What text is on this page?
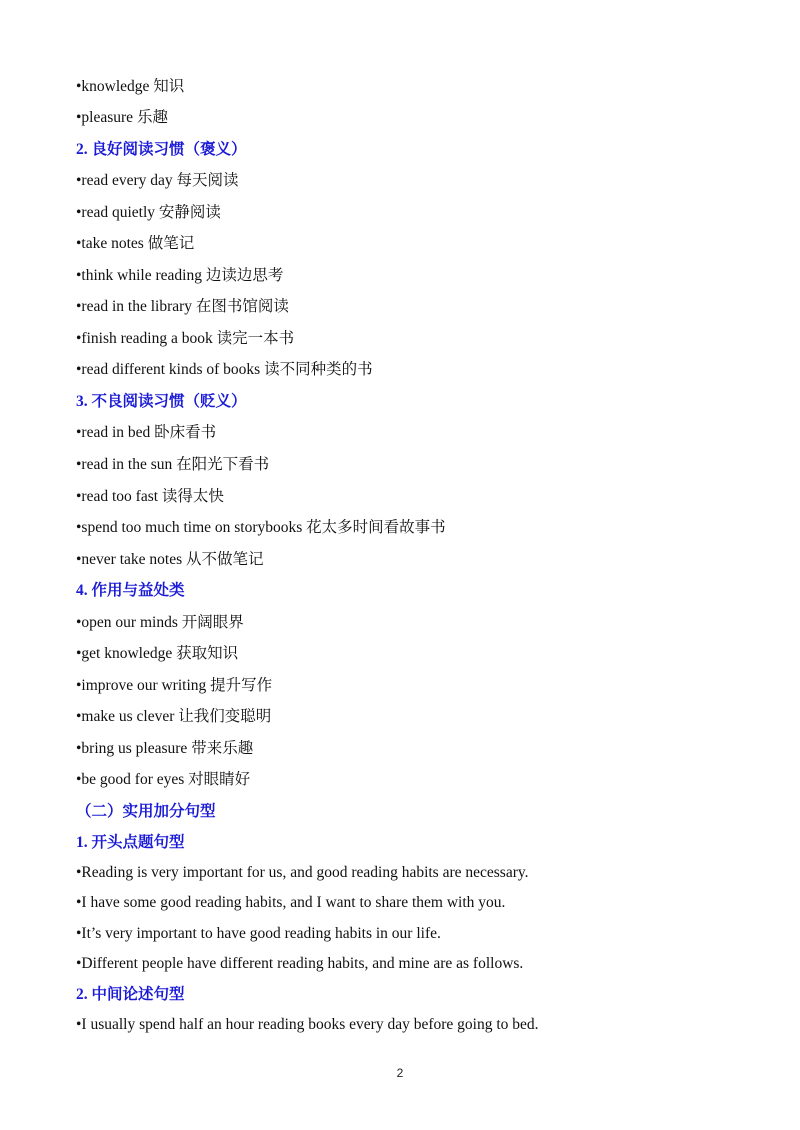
•knowledge 知识
•pleasure 乐趣
2. 良好阅读习惯（褒义）
•read every day 每天阅读
•read quietly 安静阅读
•take notes 做笔记
•think while reading 边读边思考
•read in the library 在图书馆阅读
•finish reading a book 读完一本书
•read different kinds of books 读不同种类的书
3. 不良阅读习惯（贬义）
•read in bed 卧床看书
•read in the sun 在阳光下看书
•read too fast 读得太快
•spend too much time on storybooks 花太多时间看故事书
•never take notes 从不做笔记
4. 作用与益处类
•open our minds 开阔眼界
•get knowledge 获取知识
•improve our writing 提升写作
•make us clever 让我们变聪明
•bring us pleasure 带来乐趣
•be good for eyes 对眼睛好
（二）实用加分句型
1. 开头点题句型
•Reading is very important for us, and good reading habits are necessary.
•I have some good reading habits, and I want to share them with you.
•It’s very important to have good reading habits in our life.
•Different people have different reading habits, and mine are as follows.
2. 中间论述句型
•I usually spend half an hour reading books every day before going to bed.
2
